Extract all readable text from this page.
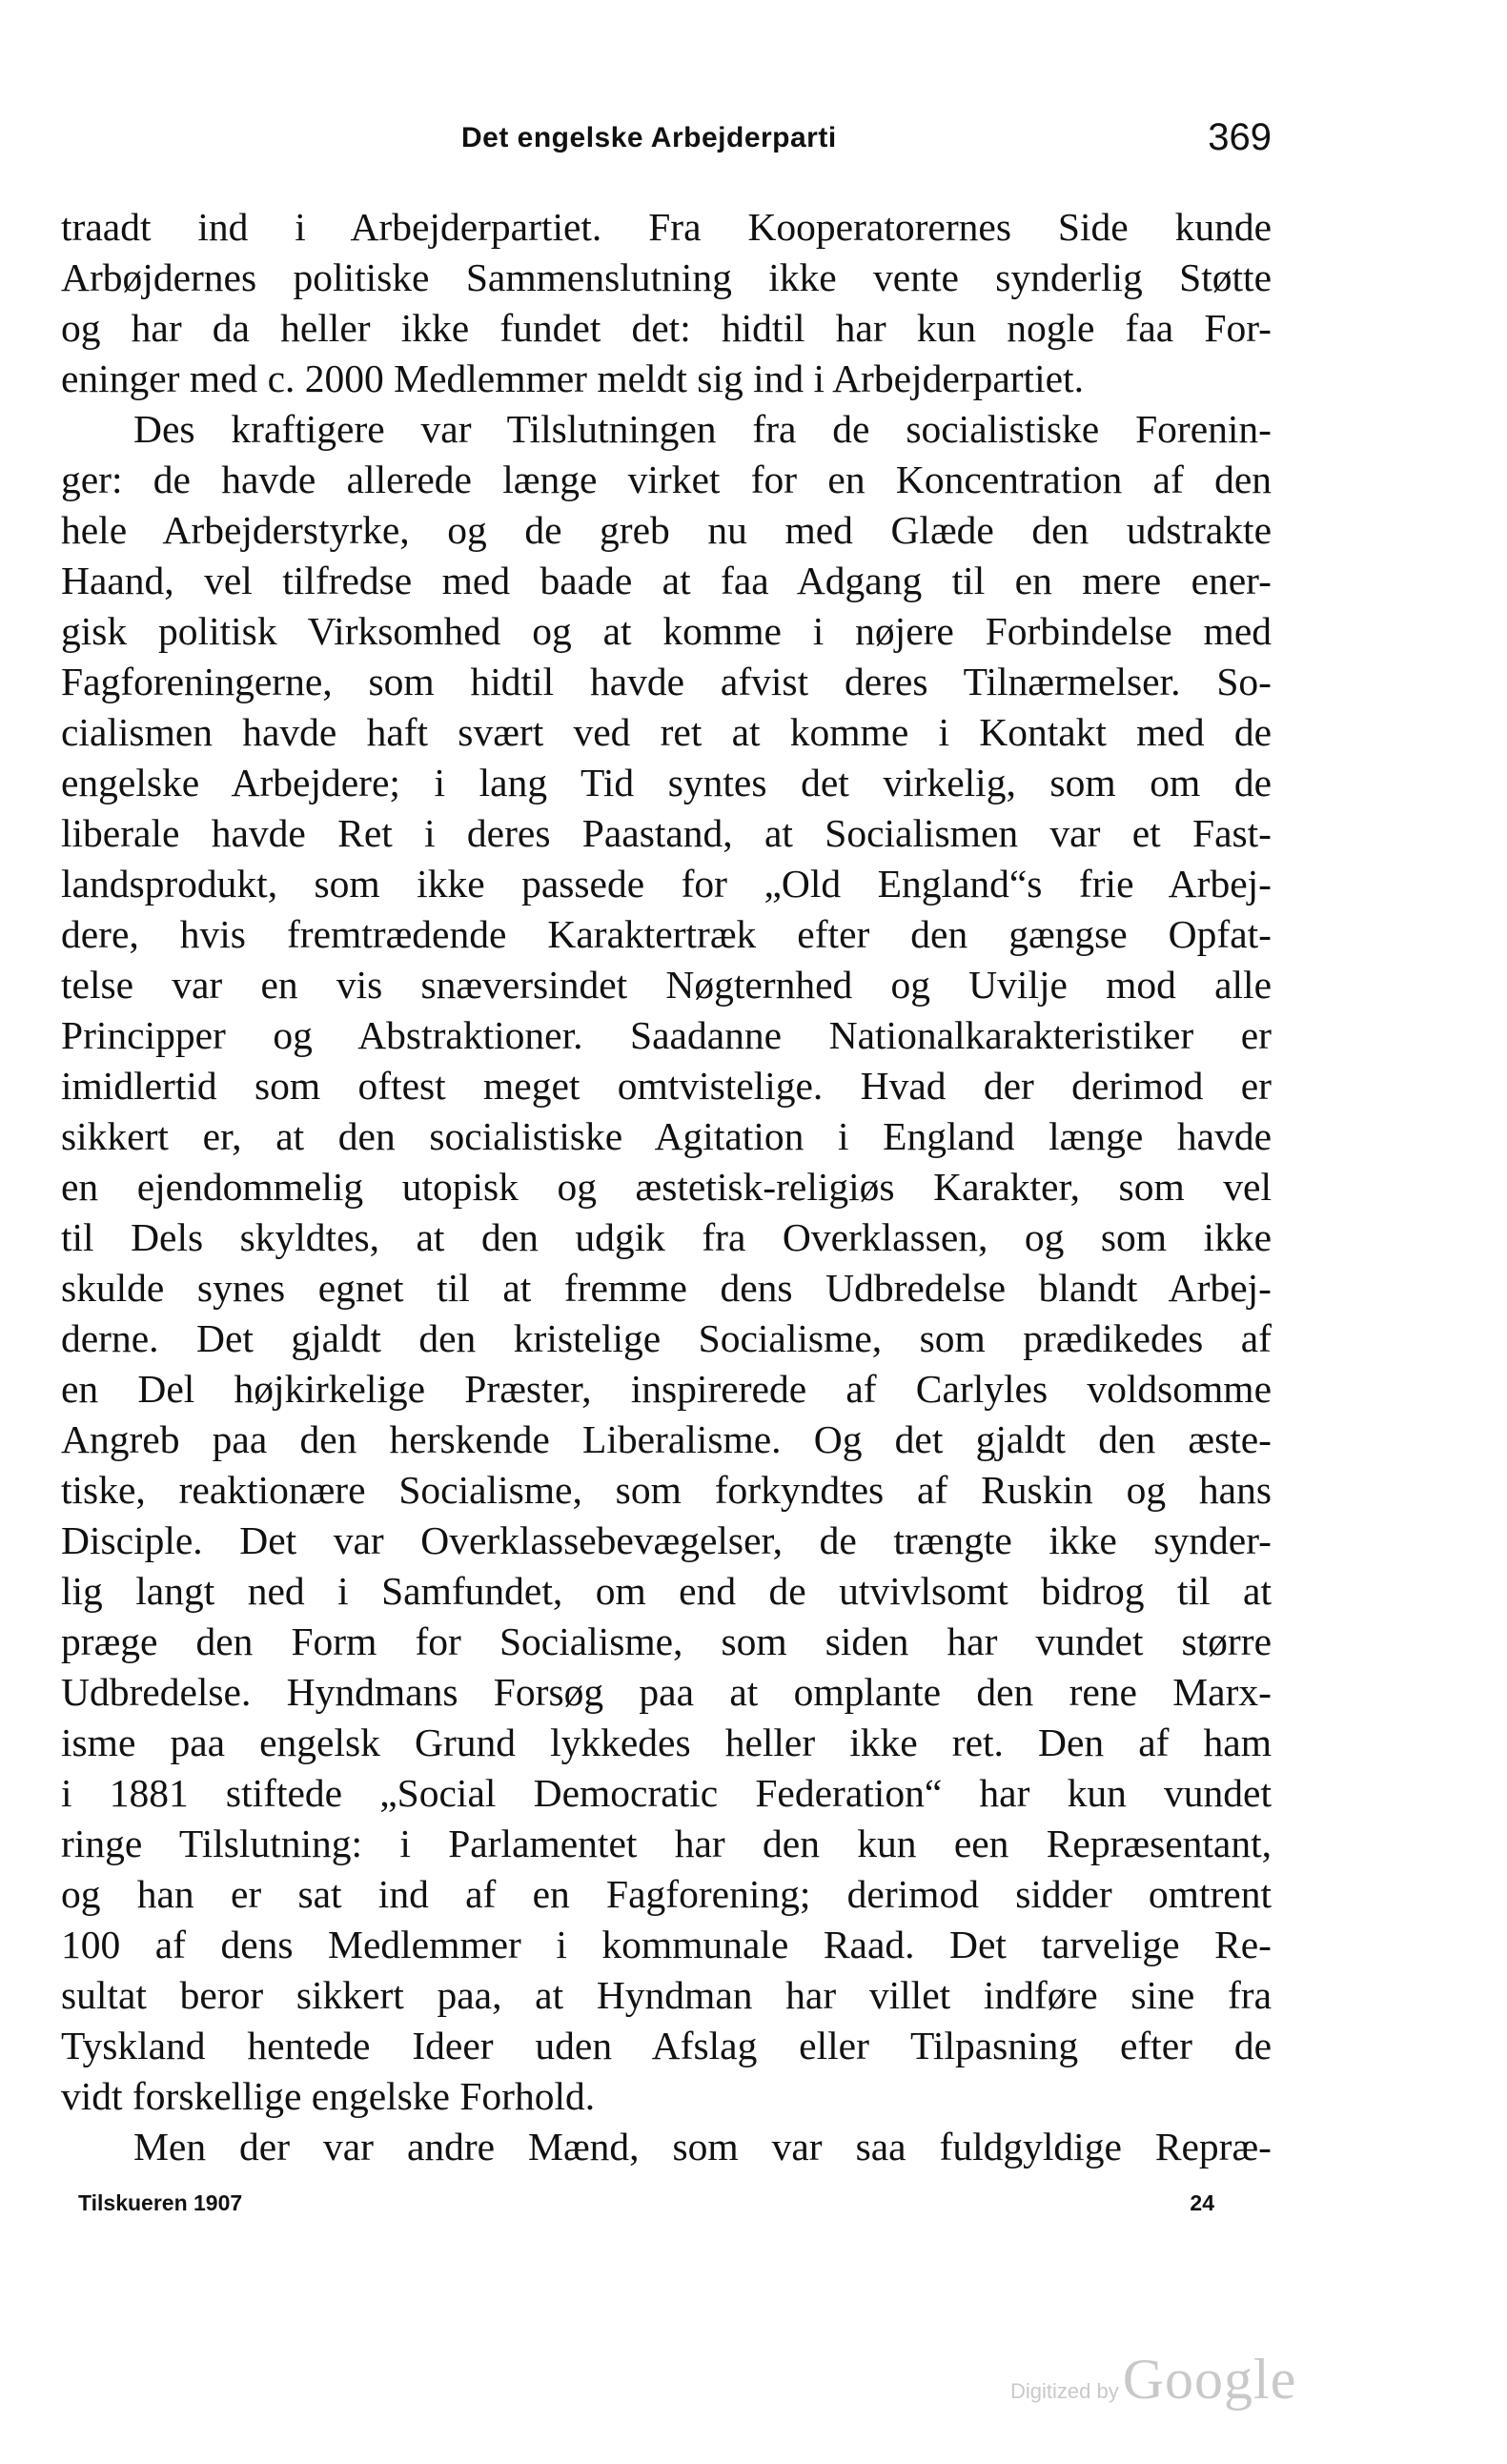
Det engelske Arbejderparti	369
traadt ind i Arbejderpartiet. Fra Kooperatorernes Side kunde
Arbøjdernes politiske Sammenslutning ikke vente synderlig Støtte
og har da heller ikke fundet det: hidtil har kun nogle faa For-
eninger med c. 2000 Medlemmer meldt sig ind i Arbejderpartiet.
Des kraftigere var Tilslutningen fra de socialistiske Forenin-
ger: de havde allerede længe virket for en Koncentration af den
hele Arbejderstyrke, og de greb nu med Glæde den udstrakte
Haand, vel tilfredse med baade at faa Adgang til en mere ener-
gisk politisk Virksomhed og at komme i nøjere Forbindelse med
Fagforeningerne, som hidtil havde afvist deres Tilnærmelser. So-
cialismen havde haft svært ved ret at komme i Kontakt med de
engelske Arbejdere; i lang Tid syntes det virkelig, som om de
liberale havde Ret i deres Paastand, at Socialismen var et Fast-
landsprodukt, som ikke passede for „Old England“s frie Arbej-
dere, hvis fremtrædende Karaktertræk efter den gængse Opfat-
telse var en vis snæversindet Nøgternhed og Uvilje mod alle
Principper og Abstraktioner. Saadanne Nationalkarakteristiker er
imidlertid som oftest meget omtvistelige. Hvad der derimod er
sikkert er, at den socialistiske Agitation i England længe havde
en ejendommelig utopisk og æstetisk-religiøs Karakter, som vel
til Dels skyldtes, at den udgik fra Overklassen, og som ikke
skulde synes egnet til at fremme dens Udbredelse blandt Arbej-
derne. Det gjaldt den kristelige Socialisme, som prædikedes af
en Del højkirkelige Præster, inspirerede af Carlyles voldsomme
Angreb paa den herskende Liberalisme. Og det gjaldt den æste-
tiske, reaktionære Socialisme, som forkyndtes af Ruskin og hans
Disciple. Det var Overklassebevægelser, de trængte ikke synder-
lig langt ned i Samfundet, om end de utvivlsomt bidrog til at
præge den Form for Socialisme, som siden har vundet større
Udbredelse. Hyndmans Forsøg paa at omplante den rene Marx-
isme paa engelsk Grund lykkedes heller ikke ret. Den af ham
i 1881 stiftede „Social Democratic Federation“ har kun vundet
ringe Tilslutning: i Parlamentet har den kun een Repræsentant,
og han er sat ind af en Fagforening; derimod sidder omtrent
100 af dens Medlemmer i kommunale Raad. Det tarvelige Re-
sultat beror sikkert paa, at Hyndman har villet indføre sine fra
Tyskland hentede Ideer uden Afslag eller Tilpasning efter de
vidt forskellige engelske Forhold.
Men der var andre Mænd, som var saa fuldgyldige Repræ-
Tilskueren 1907	24
Digitized by Google
